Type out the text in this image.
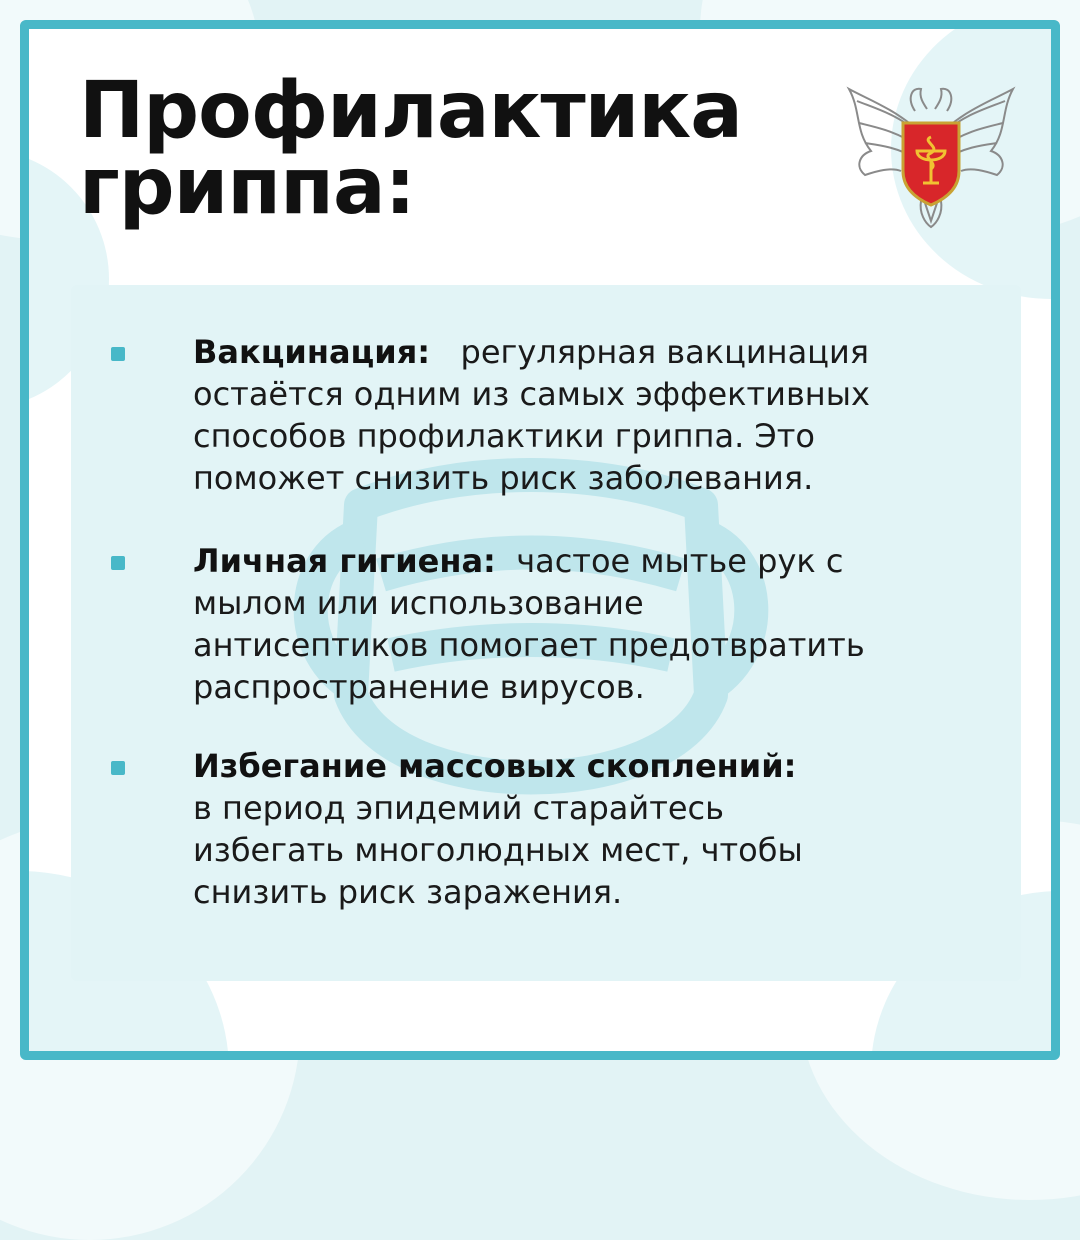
Профилактика
гриппа:

Вакцинация: регулярная вакцинация
остаётся одним из самых эффективных
способов профилактики гриппа. Это
поможет снизить риск заболевания.

Личная гигиена: частое мытье рук с
мылом или использование
антисептиков помогает предотвратить
распространение вирусов.

Избегание массовых скоплений:
в период эпидемий старайтесь
избегать многолюдных мест, чтобы
снизить риск заражения.
